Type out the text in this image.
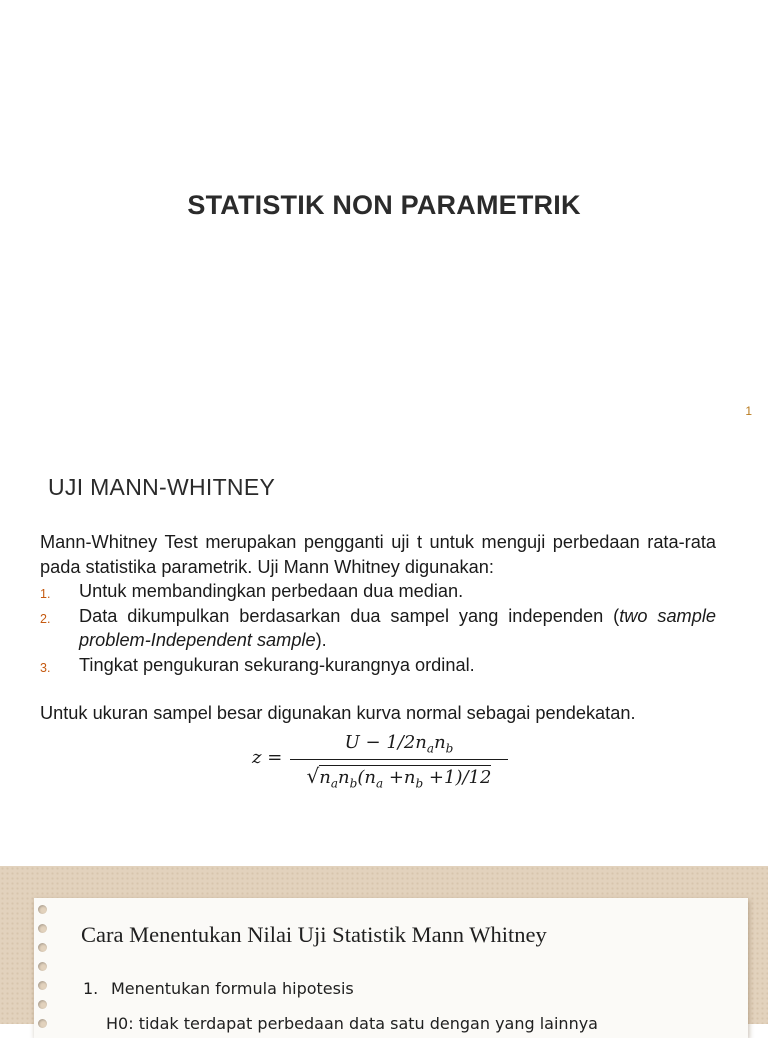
STATISTIK NON PARAMETRIK
1
UJI MANN-WHITNEY
Mann-Whitney Test merupakan pengganti uji t untuk menguji perbedaan rata-rata pada statistika parametrik. Uji Mann Whitney digunakan:
1. Untuk membandingkan perbedaan dua median.
2. Data dikumpulkan berdasarkan dua sampel yang independen (two sample problem-Independent sample).
3. Tingkat pengukuran sekurang-kurangnya ordinal.
Untuk ukuran sampel besar digunakan kurva normal sebagai pendekatan.
z =
$U - 1/2n_an_b$
$√n_an_b(n_a +n_b +1)/12$
Cara Menentukan Nilai Uji Statistik Mann Whitney
1. Menentukan formula hipotesis
H0: tidak terdapat perbedaan data satu dengan yang lainnya
